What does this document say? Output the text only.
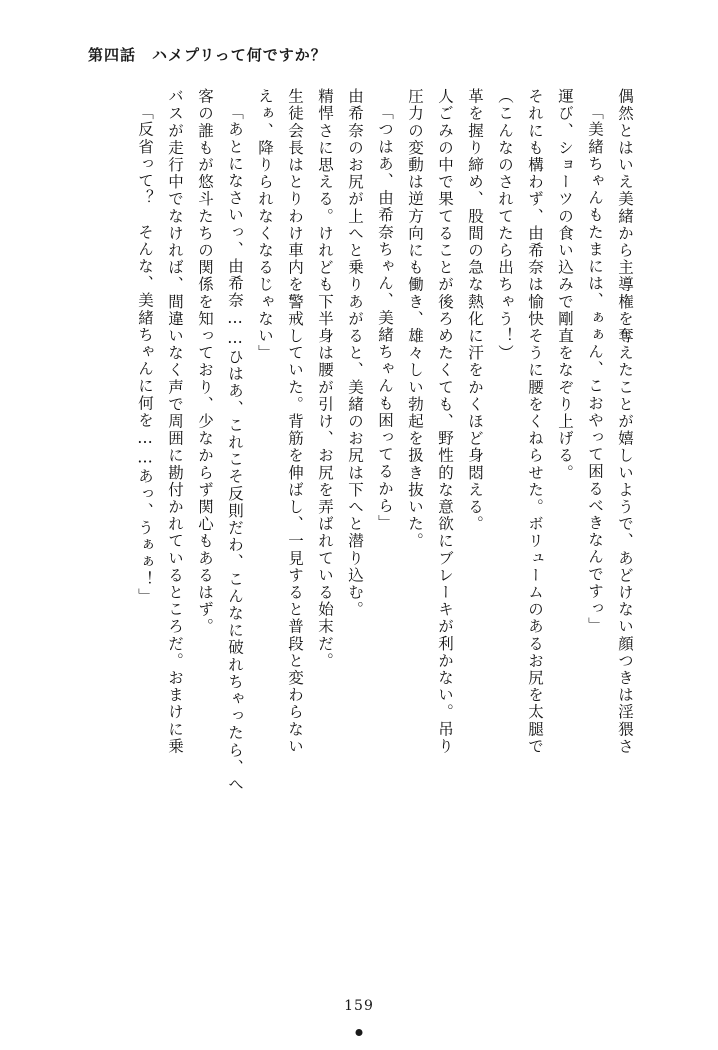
第四話　ハメプリって何ですか？
「反省って？　そんな、美緒ちゃんに何を……あっ、うぁぁ！」 バスが走行中でなければ、間違いなく声で周囲に勘付かれているところだ。おまけに乗 客の誰もが悠斗たちの関係を知っており、少なからず関心もあるはず。 「あとになさいっ、由希奈……ひはあ、これこそ反則だわ、こんなに破れちゃったら、へ えぁ、降りられなくなるじゃない」 生徒会長はとりわけ車内を警戒していた。背筋を伸ばし、一見すると普段と変わらない 精悍さに思える。けれども下半身は腰が引け、お尻を弄ばれている始末だ。 由希奈のお尻が上へと乗りあがると、美緒のお尻は下へと潜り込む。 「つはあ、由希奈ちゃん、美緒ちゃんも困ってるから」 圧力の変動は逆方向にも働き、雄々しい勃起を扱き抜いた。 人ごみの中で果てることが後ろめたくても、野性的な意欲にブレーキが利かない。吊り 革を握り締め、股間の急な熱化に汗をかくほど身悶える。 （こんなのされてたら出ちゃう！） それにも構わず、由希奈は愉快そうに腰をくねらせた。ボリュームのあるお尻を太腿で 運び、ショーツの食い込みで剛直をなぞり上げる。 「美緒ちゃんもたまには、ぁぁん、こおやって困るべきなんですっ」 偶然とはいえ美緒から主導権を奪えたことが嬉しいようで、あどけない顔つきは淫猥さ
159
